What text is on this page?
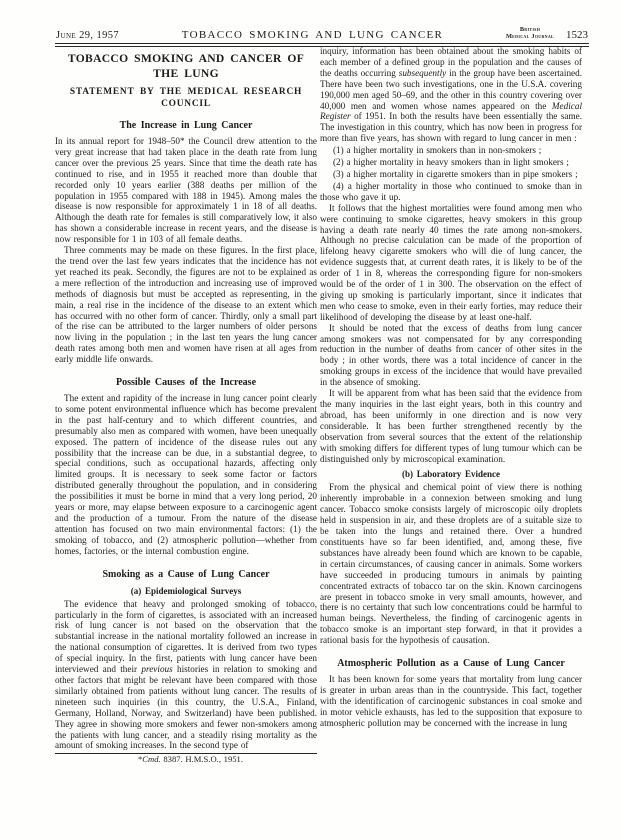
June 29, 1957	TOBACCO SMOKING AND LUNG CANCER	British
Medical Journal 1523
TOBACCO SMOKING AND CANCER OF
THE LUNG
STATEMENT BY THE MEDICAL RESEARCH
COUNCIL
The Increase in Lung Cancer

In its annual report for 1948–50* the Council drew attention to the very great increase that had taken place in the death rate from lung cancer over the previous 25 years. Since that time the death rate has continued to rise, and in 1955 it reached more than double that recorded only 10 years earlier (388 deaths per million of the population in 1955 compared with 188 in 1945). Among males the disease is now responsible for approximately 1 in 18 of all deaths. Although the death rate for females is still comparatively low, it also has shown a considerable increase in recent years, and the disease is now responsible for 1 in 103 of all female deaths.

Three comments may be made on these figures. In the first place, the trend over the last few years indicates that the incidence has not yet reached its peak. Secondly, the figures are not to be explained as a mere reflection of the introduction and increasing use of improved methods of diagnosis but must be accepted as representing, in the main, a real rise in the incidence of the disease to an extent which has occurred with no other form of cancer. Thirdly, only a small part of the rise can be attributed to the larger numbers of older persons now living in the population ; in the last ten years the lung cancer death rates among both men and women have risen at all ages from early middle life onwards.

Possible Causes of the Increase

The extent and rapidity of the increase in lung cancer point clearly to some potent environmental influence which has become prevalent in the past half-century and to which different countries, and presumably also men as compared with women, have been unequally exposed. The pattern of incidence of the disease rules out any possibility that the increase can be due, in a substantial degree, to special conditions, such as occupational hazards, affecting only limited groups. It is necessary to seek some factor or factors distributed generally throughout the population, and in considering the possibilities it must be borne in mind that a very long period, 20 years or more, may elapse between exposure to a carcinogenic agent and the production of a tumour. From the nature of the disease attention has focused on two main environmental factors: (1) the smoking of tobacco, and (2) atmospheric pollution—whether from homes, factories, or the internal combustion engine.

Smoking as a Cause of Lung Cancer
(a) Epidemiological Surveys

The evidence that heavy and prolonged smoking of tobacco, particularly in the form of cigarettes, is associated with an increased risk of lung cancer is not based on the observation that the substantial increase in the national mortality followed an increase in the national consumption of cigarettes. It is derived from two types of special inquiry. In the first, patients with lung cancer have been interviewed and their previous histories in relation to smoking and other factors that might be relevant have been compared with those similarly obtained from patients without lung cancer. The results of nineteen such inquiries (in this country, the U.S.A., Finland, Germany, Holland, Norway, and Switzerland) have been published. They agree in showing more smokers and fewer non-smokers among the patients with lung cancer, and a steadily rising mortality as the amount of smoking increases. In the second type of

*Cmd. 8387. H.M.S.O., 1951.

inquiry, information has been obtained about the smoking habits of each member of a defined group in the population and the causes of the deaths occurring subsequently in the group have been ascertained. There have been two such investigations, one in the U.S.A. covering 190,000 men aged 50–69, and the other in this country covering over 40,000 men and women whose names appeared on the Medical Register of 1951. In both the results have been essentially the same. The investigation in this country, which has now been in progress for more than five years, has shown with regard to lung cancer in men :

(1) a higher mortality in smokers than in non-smokers ;

(2) a higher mortality in heavy smokers than in light smokers ;

(3) a higher mortality in cigarette smokers than in pipe smokers ;

(4) a higher mortality in those who continued to smoke than in those who gave it up.

It follows that the highest mortalities were found among men who were continuing to smoke cigarettes, heavy smokers in this group having a death rate nearly 40 times the rate among non-smokers. Although no precise calculation can be made of the proportion of lifelong heavy cigarette smokers who will die of lung cancer, the evidence suggests that, at current death rates, it is likely to be of the order of 1 in 8, whereas the corresponding figure for non-smokers would be of the order of 1 in 300. The observation on the effect of giving up smoking is particularly important, since it indicates that men who cease to smoke, even in their early forties, may reduce their likelihood of developing the disease by at least one-half.

It should be noted that the excess of deaths from lung cancer among smokers was not compensated for by any corresponding reduction in the number of deaths from cancer of other sites in the body ; in other words, there was a total incidence of cancer in the smoking groups in excess of the incidence that would have prevailed in the absence of smoking.

It will be apparent from what has been said that the evidence from the many inquiries in the last eight years, both in this country and abroad, has been uniformly in one direction and is now very considerable. It has been further strengthened recently by the observation from several sources that the extent of the relationship with smoking differs for different types of lung tumour which can be distinguished only by microscopical examination.

(b) Laboratory Evidence

From the physical and chemical point of view there is nothing inherently improbable in a connexion between smoking and lung cancer. Tobacco smoke consists largely of microscopic oily droplets held in suspension in air, and these droplets are of a suitable size to be taken into the lungs and retained there. Over a hundred constituents have so far been identified, and, among these, five substances have already been found which are known to be capable, in certain circumstances, of causing cancer in animals. Some workers have succeeded in producing tumours in animals by painting concentrated extracts of tobacco tar on the skin. Known carcinogens are present in tobacco smoke in very small amounts, however, and there is no certainty that such low concentrations could be harmful to human beings. Nevertheless, the finding of carcinogenic agents in tobacco smoke is an important step forward, in that it provides a rational basis for the hypothesis of causation.

Atmospheric Pollution as a Cause of Lung Cancer

It has been known for some years that mortality from lung cancer is greater in urban areas than in the countryside. This fact, together with the identification of carcinogenic substances in coal smoke and in motor vehicle exhausts, has led to the supposition that exposure to atmospheric pollution may be concerned with the increase in lung
